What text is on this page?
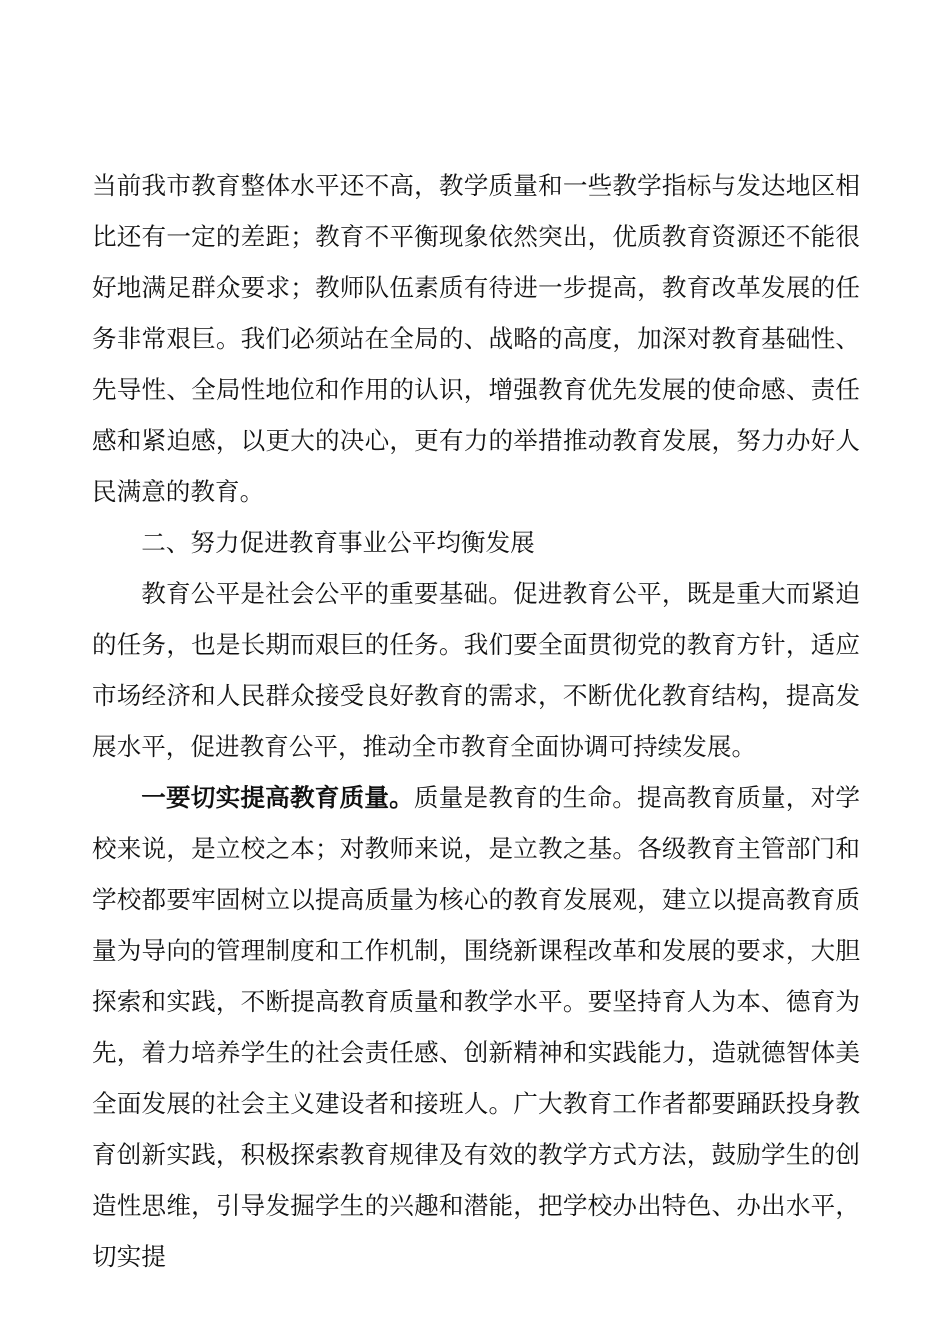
当前我市教育整体水平还不高，教学质量和一些教学指标与发达地区相比还有一定的差距；教育不平衡现象依然突出，优质教育资源还不能很好地满足群众要求；教师队伍素质有待进一步提高，教育改革发展的任务非常艰巨。我们必须站在全局的、战略的高度，加深对教育基础性、先导性、全局性地位和作用的认识，增强教育优先发展的使命感、责任感和紧迫感，以更大的决心，更有力的举措推动教育发展，努力办好人民满意的教育。

二、努力促进教育事业公平均衡发展

教育公平是社会公平的重要基础。促进教育公平，既是重大而紧迫的任务，也是长期而艰巨的任务。我们要全面贯彻党的教育方针，适应市场经济和人民群众接受良好教育的需求，不断优化教育结构，提高发展水平，促进教育公平，推动全市教育全面协调可持续发展。

一要切实提高教育质量。质量是教育的生命。提高教育质量，对学校来说，是立校之本；对教师来说，是立教之基。各级教育主管部门和学校都要牢固树立以提高质量为核心的教育发展观，建立以提高教育质量为导向的管理制度和工作机制，围绕新课程改革和发展的要求，大胆探索和实践，不断提高教育质量和教学水平。要坚持育人为本、德育为先，着力培养学生的社会责任感、创新精神和实践能力，造就德智体美全面发展的社会主义建设者和接班人。广大教育工作者都要踊跃投身教育创新实践，积极探索教育规律及有效的教学方式方法，鼓励学生的创造性思维，引导发掘学生的兴趣和潜能，把学校办出特色、办出水平，切实提
